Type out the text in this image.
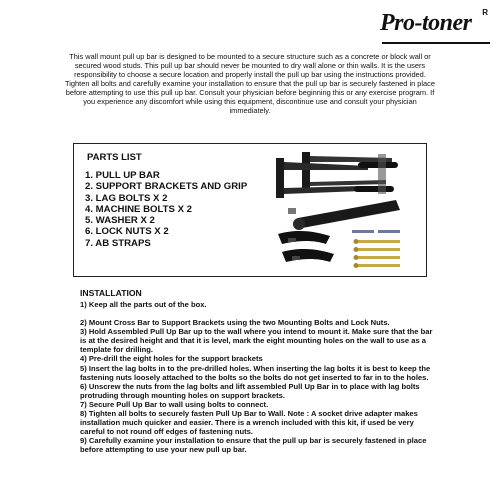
Pro-toner R
This wall mount pull up bar is designed to be mounted to a secure structure such as a concrete or block wall or secured wood studs. This pull up bar should never be mounted to dry wall alone or thin walls. It is the users responsibility to choose a secure location and properly install the pull up bar using the instructions provided. Tighten all bolts and carefully examine your installation to ensure that the pull up bar is securely fastened in place before attempting to use this pull up bar. Consult your physician before beginning this or any exercise program. If you experience any discomfort while using this equipment, discontinue use and consult your physician immediately.
PARTS LIST
1. PULL UP BAR
2. SUPPORT BRACKETS AND GRIP
3. LAG BOLTS X 2
4. MACHINE BOLTS X 2
5. WASHER X 2
6. LOCK NUTS X 2
7. AB STRAPS
INSTALLATION

1) Keep all the parts out of the box.

2) Mount Cross Bar to Support Brackets using the two Mounting Bolts and Lock Nuts.

3) Hold Assembled Pull Up Bar up to the wall where you intend to mount it. Make sure that the bar is at the desired height and that it is level, mark the eight mounting holes on the wall to use as a template for drilling.

4) Pre-drill the eight holes for the support brackets

5) Insert the lag bolts in to the pre-drilled holes. When inserting the lag bolts it is best to keep the fastening nuts loosely attached to the bolts so the bolts do not get inserted to far in to the holes.

6) Unscrew the nuts from the lag bolts and lift assembled Pull Up Bar in to place with lag bolts protruding through mounting holes on support brackets.

7) Secure Pull Up Bar to wall using bolts to connect.

8) Tighten all bolts to securely fasten Pull Up Bar to Wall. Note : A socket drive adapter makes installation much quicker and easier. There is a wrench included with this kit, if used be very careful to not round off edges of fastening nuts.

9) Carefully examine your installation to ensure that the pull up bar is securely fastened in place before attempting to use your new pull up bar.
